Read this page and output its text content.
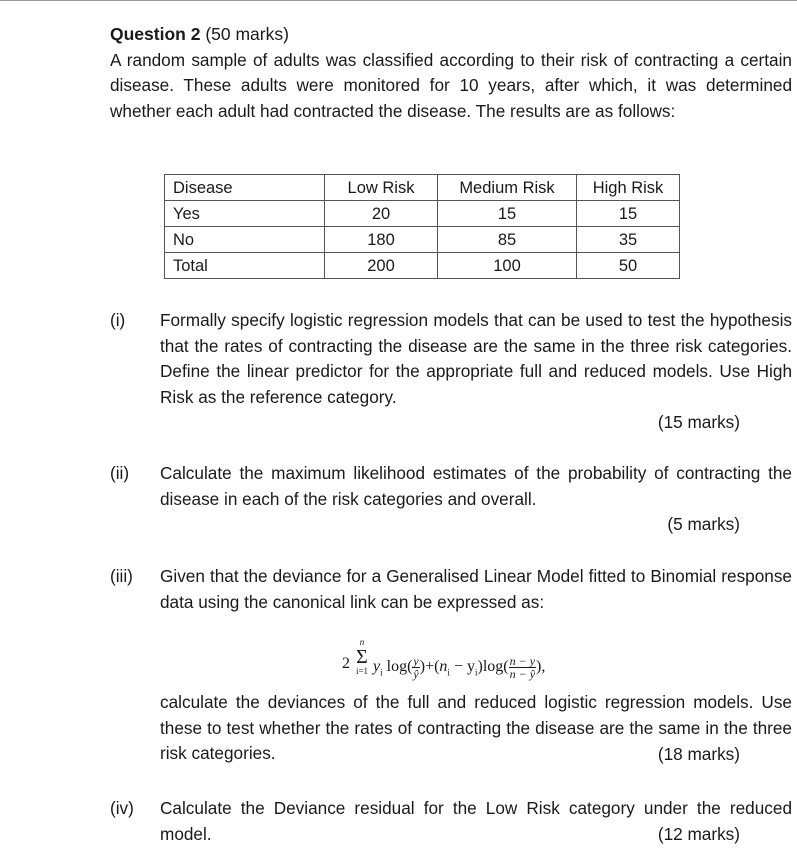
Question 2 (50 marks)

A random sample of adults was classified according to their risk of contracting a certain disease. These adults were monitored for 10 years, after which, it was determined whether each adult had contracted the disease. The results are as follows:

Disease	Low Risk	Medium Risk	High Risk
Yes	20	15	15
No	180	85	35
Total	200	100	50
(i) Formally specify logistic regression models that can be used to test the hypothesis that the rates of contracting the disease are the same in the three risk categories. Define the linear predictor for the appropriate full and reduced models. Use High Risk as the reference category.
(15 marks)
(ii) Calculate the maximum likelihood estimates of the probability of contracting the disease in each of the risk categories and overall.
(5 marks)
(iii) Given that the deviance for a Generalised Linear Model fitted to Binomial response data using the canonical link can be expressed as:
2
n
Σ
i=1 $y_i$ $\log( \frac{y}{ŷ} )+(n_i - y_i)\log( \frac{n - y}{n - ŷ}$ ),
calculate the deviances of the full and reduced logistic regression models. Use these to test whether the rates of contracting the disease are the same in the three risk categories.	(18 marks)
(iv) Calculate the Deviance residual for the Low Risk category under the reduced model.	(12 marks)
